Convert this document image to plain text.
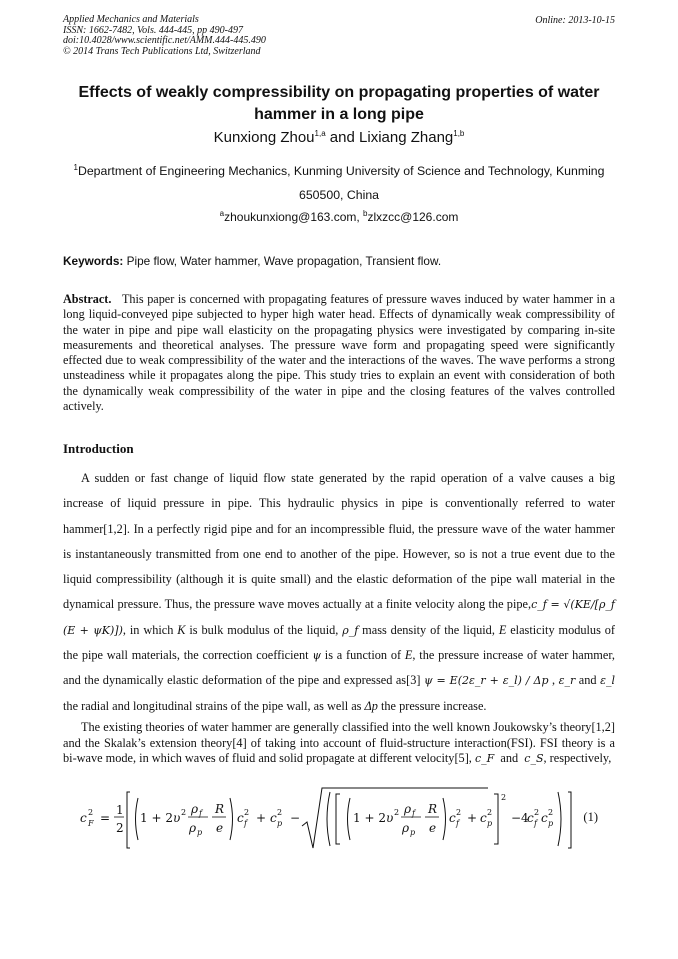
Applied Mechanics and Materials
ISSN: 1662-7482, Vols. 444-445, pp 490-497
doi:10.4028/www.scientific.net/AMM.444-445.490
© 2014 Trans Tech Publications Ltd, Switzerland
Online: 2013-10-15
Effects of weakly compressibility on propagating properties of water
hammer in a long pipe
Kunxiong Zhou$^{1,a}$ and Lixiang Zhang$^{1,b}$
$^1$Department of Engineering Mechanics, Kunming University of Science and Technology, Kunming
650500, China
$^a$zhoukunxiong@163.com, $^b$zlxzcc@126.com
Keywords: Pipe flow, Water hammer, Wave propagation, Transient flow.
Abstract.   This paper is concerned with propagating features of pressure waves induced by water hammer in a long liquid-conveyed pipe subjected to hyper high water head. Effects of dynamically weak compressibility of the water in pipe and pipe wall elasticity on the propagating physics were investigated by comparing in-site measurements and theoretical analyses. The pressure wave form and propagating speed were significantly effected due to weak compressibility of the water and the interactions of the waves. The wave performs a strong unsteadiness while it propagates along the pipe. This study tries to explain an event with consideration of both the dynamically weak compressibility of the water in pipe and the closing features of the valves controlled actively.
Introduction
A sudden or fast change of liquid flow state generated by the rapid operation of a valve causes a big increase of liquid pressure in pipe. This hydraulic physics in pipe is conventionally referred to water hammer[1,2]. In a perfectly rigid pipe and for an incompressible fluid, the pressure wave of the water hammer is instantaneously transmitted from one end to another of the pipe. However, so is not a true event due to the liquid compressibility (although it is quite small) and the elastic deformation of the pipe wall material in the dynamical pressure. Thus, the pressure wave moves actually at a finite velocity along the pipe,c_f = √(KE/[ρ_f (E + ψK)]), in which K is bulk modulus of the liquid, ρ_f mass density of the liquid, E elasticity modulus of the pipe wall materials, the correction coefficient ψ is a function of E, the pressure increase of water hammer, and the dynamically elastic deformation of the pipe and expressed as[3] ψ = E(2ε_r + ε_l) / Δp , ε_r and ε_l the radial and longitudinal strains of the pipe wall, as well as Δp the pressure increase.
The existing theories of water hammer are generally classified into the well known Joukowsky’s theory[1,2] and the Skalak’s extension theory[4] of taking into account of fluid-structure interaction(FSI). FSI theory is a bi-wave mode, in which waves of fluid and solid propagate at different velocity[5], c_F  and  c_S, respectively,
c F
2 =
1
2
1 + 2 υ 2 ρ f
ρ p
R
e
c 2
f + c 2
p −	1 + 2 υ 2 ρ f
ρ p
R
e
c 2
f + c 2
p
2
−4
c 2
f c 2
p (1)
